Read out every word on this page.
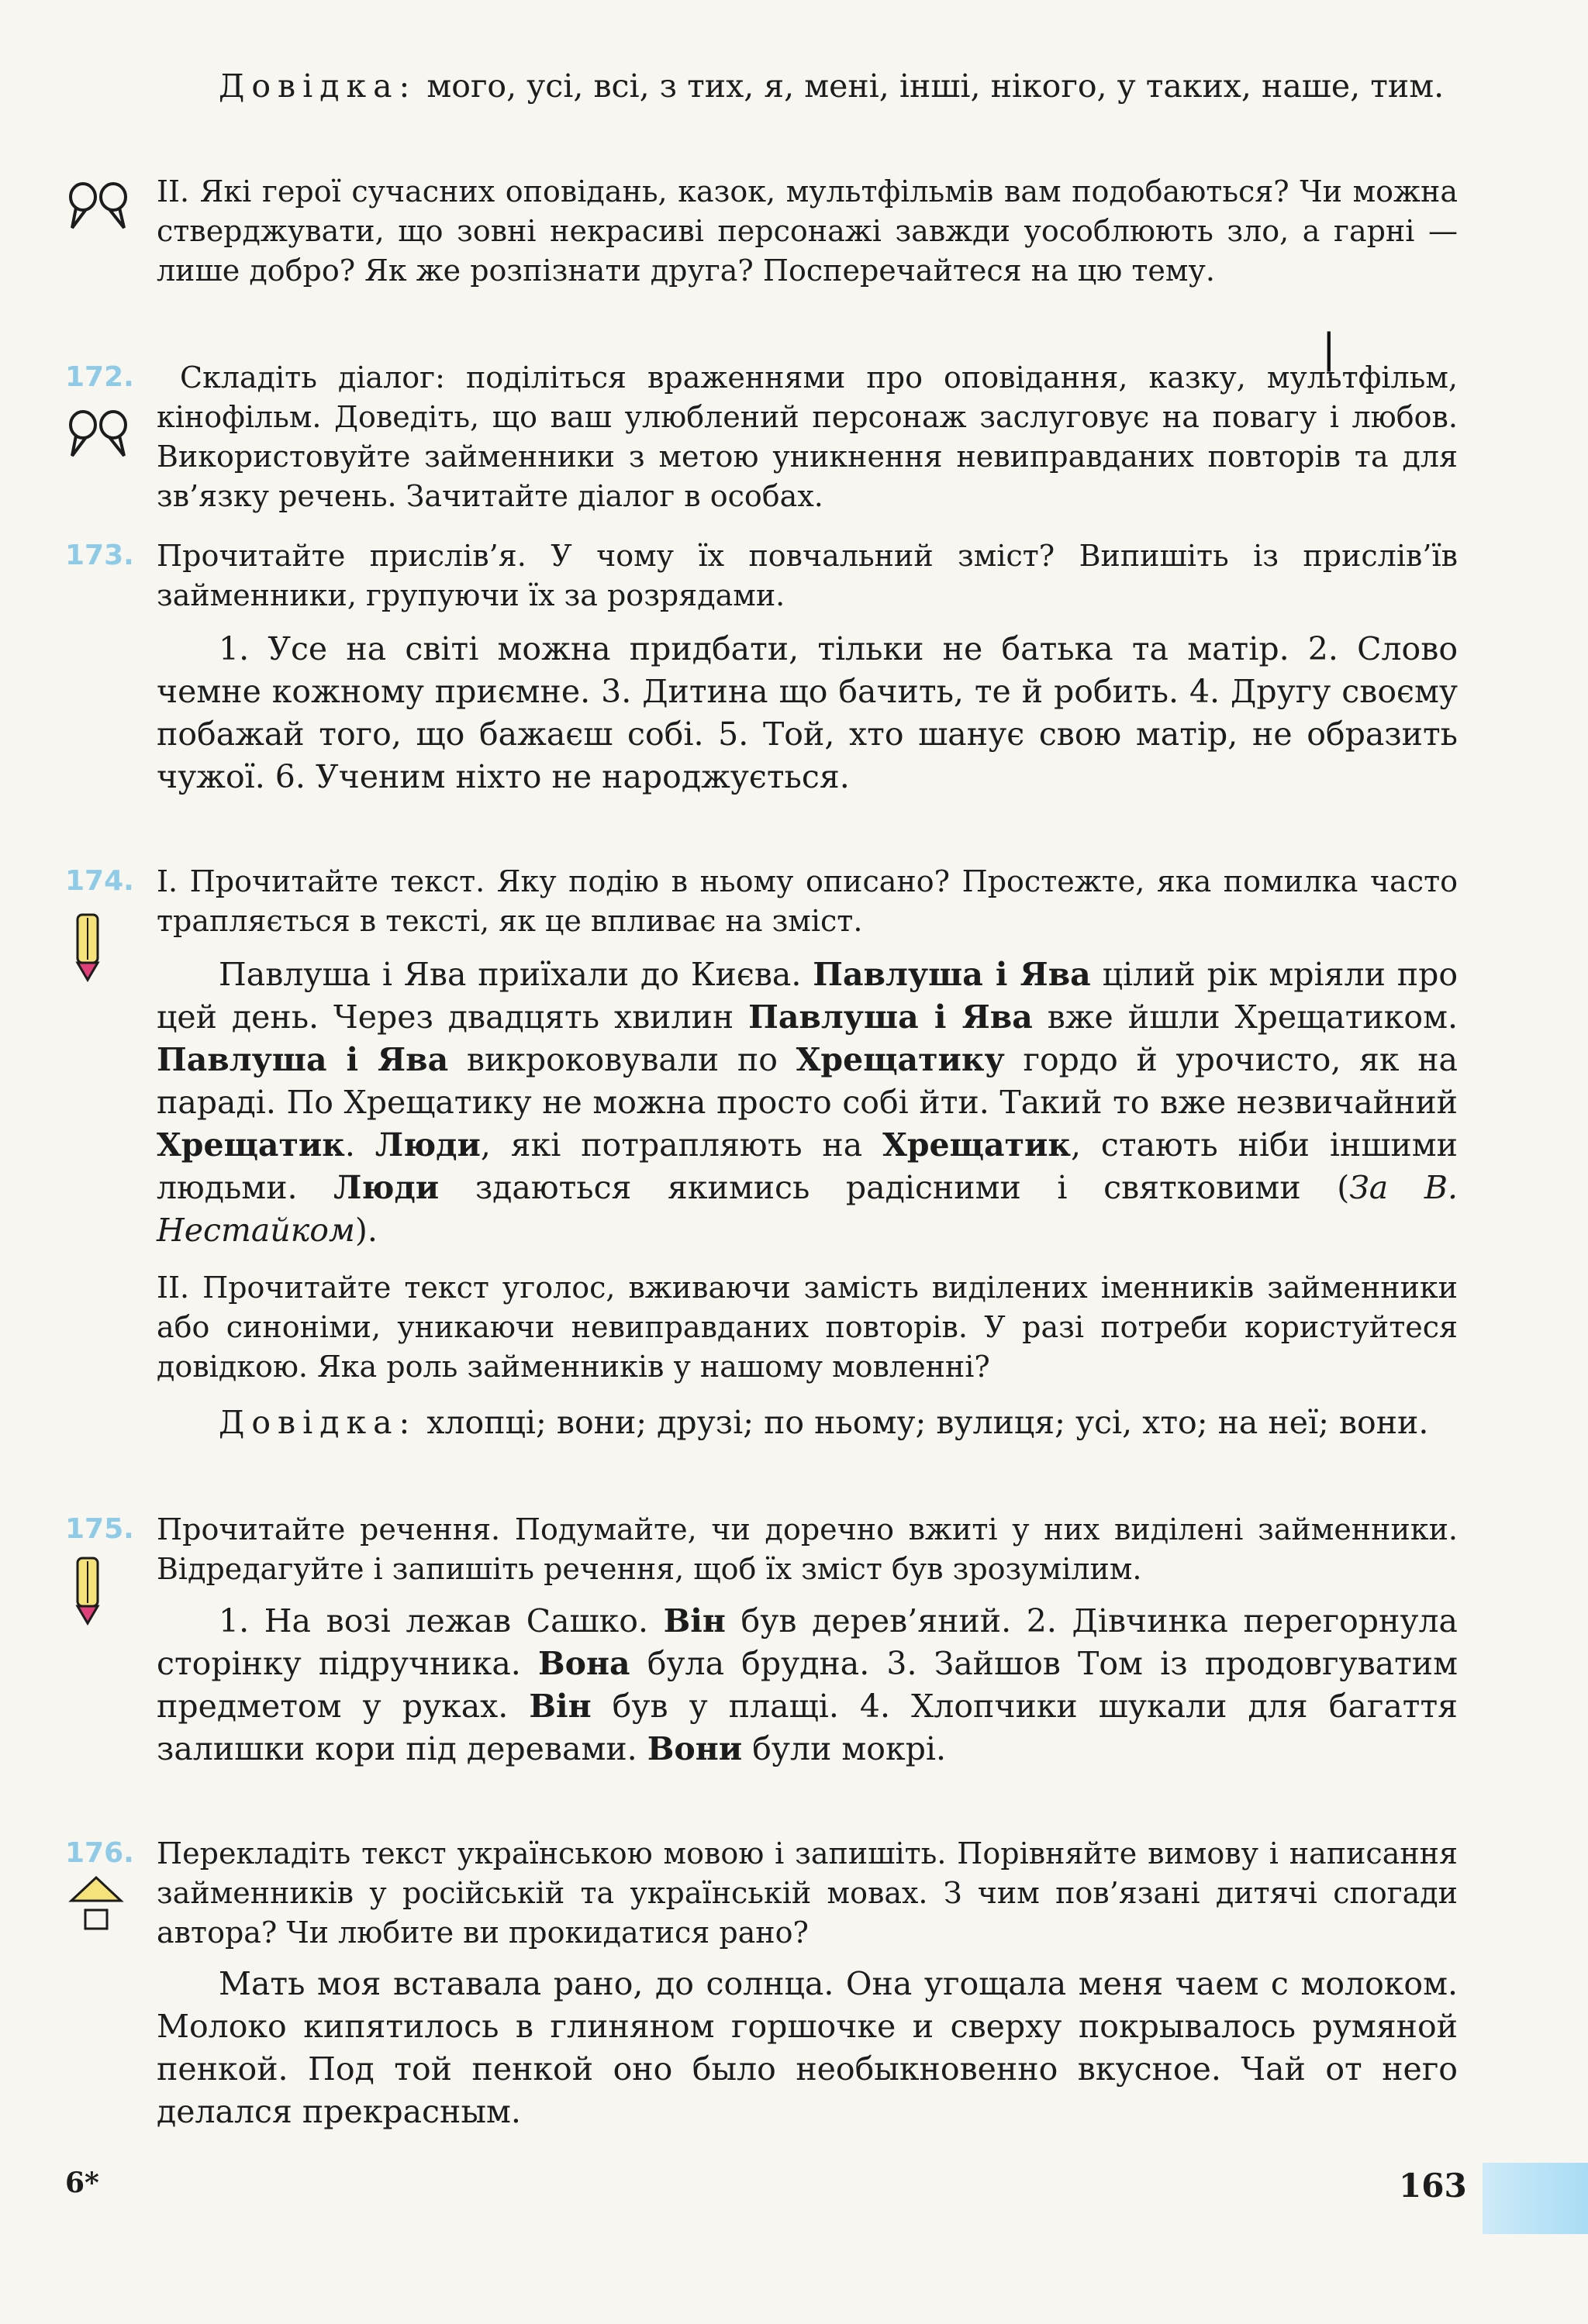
Довідка: мого, усі, всі, з тих, я, мені, інші, нікого, у таких, наше, тим.

II. Які герої сучасних оповідань, казок, мультфільмів вам подобаються? Чи можна стверджувати, що зовні некрасиві персонажі завжди уособлюють зло, а гарні — лише добро? Як же розпізнати друга? Посперечайтеся на цю тему.

❘
172.	Складіть діалог: поділіться враженнями про оповідання, казку, мультфільм, кінофільм. Доведіть, що ваш улюблений персонаж заслуговує на повагу і любов. Використовуйте займенники з метою уникнення невиправданих повторів та для зв’язку речень. Зачитайте діалог в особах.

173. Прочитайте прислів’я. У чому їх повчальний зміст? Випишіть із прислів’їв займенники, групуючи їх за розрядами.

1. Усе на світі можна придбати, тільки не батька та матір. 2. Слово чемне кожному приємне. 3. Дитина що бачить, те й робить. 4. Другу своєму побажай того, що бажаєш собі. 5. Той, хто шанує свою матір, не образить чужої. 6. Ученим ніхто не народжується.

174. I. Прочитайте текст. Яку подію в ньому описано? Простежте, яка помилка часто трапляється в тексті, як це впливає на зміст.

Павлуша і Ява приїхали до Києва. Павлуша і Ява цілий рік мріяли про цей день. Через двадцять хвилин Павлуша і Ява вже йшли Хрещатиком. Павлуша і Ява викроковували по Хрещатику гордо й урочисто, як на параді. По Хрещатику не можна просто собі йти. Такий то вже незвичайний Хрещатик. Люди, які потрапляють на Хрещатик, стають ніби іншими людьми. Люди здаються якимись радісними і святковими (За В. Нестайком).

II. Прочитайте текст уголос, вживаючи замість виділених іменників займенники або синоніми, уникаючи невиправданих повторів. У разі потреби користуйтеся довідкою. Яка роль займенників у нашому мовленні?

Довідка: хлопці; вони; друзі; по ньому; вулиця; усі, хто; на неї; вони.

175. Прочитайте речення. Подумайте, чи доречно вжиті у них виділені займенники. Відредагуйте і запишіть речення, щоб їх зміст був зрозумілим.

1. На возі лежав Сашко. Він був дерев’яний. 2. Дівчинка перегорнула сторінку підручника. Вона була брудна. 3. Зайшов Том із продовгуватим предметом у руках. Він був у плащі. 4. Хлопчики шукали для багаття залишки кори під деревами. Вони були мокрі.

176. Перекладіть текст українською мовою і запишіть. Порівняйте вимову і написання займенників у російській та українській мовах. З чим пов’язані дитячі спогади автора? Чи любите ви прокидатися рано?

Мать моя вставала рано, до солнца. Она угощала меня чаем с молоком. Молоко кипятилось в глиняном горшочке и сверху покрывалось румяной пенкой. Под той пенкой оно было необыкновенно вкусное. Чай от него делался прекрасным.

6*	163
